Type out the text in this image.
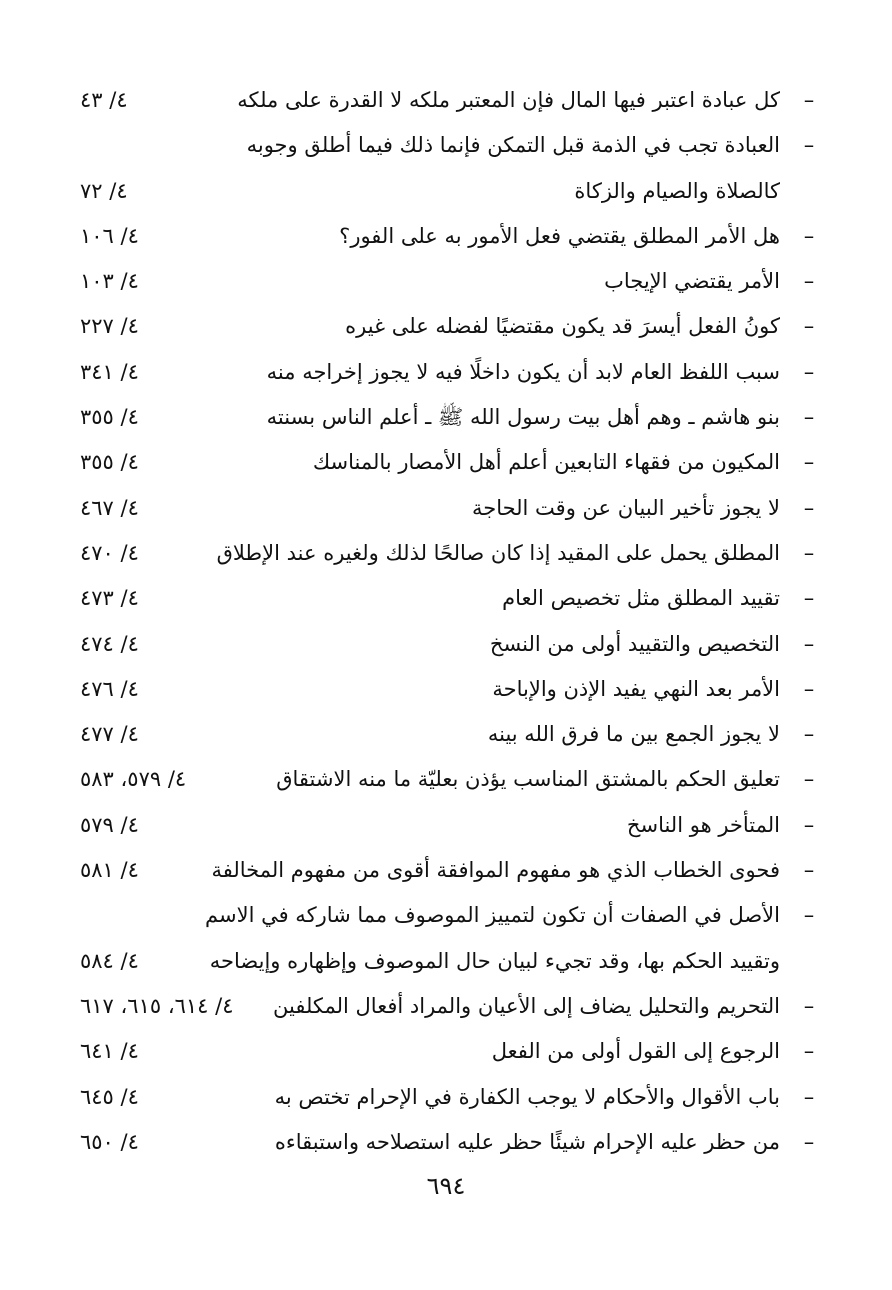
–
كل عبادة اعتبر فيها المال فإن المعتبر ملكه لا القدرة على ملكه
٤/ ٤٣
–
العبادة تجب في الذمة قبل التمكن فإنما ذلك فيما أطلق وجوبه
كالصلاة والصيام والزكاة
٤/ ٧٢
–
هل الأمر المطلق يقتضي فعل الأمور به على الفور؟
٤/ ١٠٦
–
الأمر يقتضي الإيجاب
٤/ ١٠٣
–
كونُ الفعل أيسرَ قد يكون مقتضيًا لفضله على غيره
٤/ ٢٢٧
–
سبب اللفظ العام لابد أن يكون داخلًا فيه لا يجوز إخراجه منه
٤/ ٣٤١
–
بنو هاشم ـ وهم أهل بيت رسول الله ﷺ ـ أعلم الناس بسنته
٤/ ٣٥٥
–
المكيون من فقهاء التابعين أعلم أهل الأمصار بالمناسك
٤/ ٣٥٥
–
لا يجوز تأخير البيان عن وقت الحاجة
٤/ ٤٦٧
–
المطلق يحمل على المقيد إذا كان صالحًا لذلك ولغيره عند الإطلاق
٤/ ٤٧٠
–
تقييد المطلق مثل تخصيص العام
٤/ ٤٧٣
–
التخصيص والتقييد أولى من النسخ
٤/ ٤٧٤
–
الأمر بعد النهي يفيد الإذن والإباحة
٤/ ٤٧٦
–
لا يجوز الجمع بين ما فرق الله بينه
٤/ ٤٧٧
–
تعليق الحكم بالمشتق المناسب يؤذن بعليّة ما منه الاشتقاق
٤/ ٥٧٩، ٥٨٣
–
المتأخر هو الناسخ
٤/ ٥٧٩
–
فحوى الخطاب الذي هو مفهوم الموافقة أقوى من مفهوم المخالفة
٤/ ٥٨١
–
الأصل في الصفات أن تكون لتمييز الموصوف مما شاركه في الاسم
وتقييد الحكم بها، وقد تجيء لبيان حال الموصوف وإظهاره وإيضاحه
٤/ ٥٨٤
–
التحريم والتحليل يضاف إلى الأعيان والمراد أفعال المكلفين
٤/ ٦١٤، ٦١٥، ٦١٧
–
الرجوع إلى القول أولى من الفعل
٤/ ٦٤١
–
باب الأقوال والأحكام لا يوجب الكفارة في الإحرام تختص به
٤/ ٦٤٥
–
من حظر عليه الإحرام شيئًا حظر عليه استصلاحه واستبقاءه
٤/ ٦٥٠
٦٩٤
